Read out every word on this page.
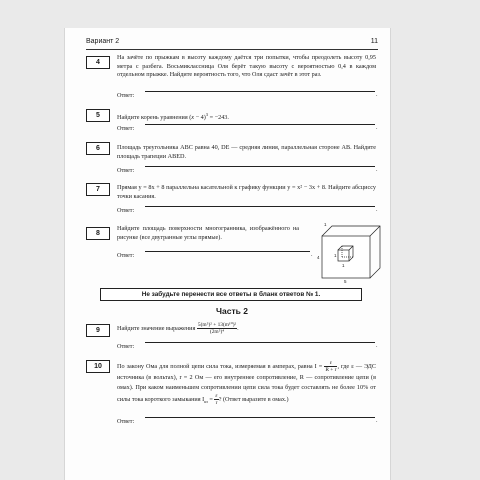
Вариант 2	11
4
На зачёте по прыжкам в высоту каждому даётся три попытки, чтобы преодолеть высоту 0,95 метра с разбега. Восьмиклассница Оля берёт такую высоту с вероятностью 0,4 в каждом отдельном прыжке. Найдите вероятность того, что Оля сдаст зачёт в этот раз.
Ответ:	.
5	Найдите корень уравнения $(x - 4)^3 = -243$.
Ответ:	.
6	Площадь треугольника ABC равна 40, DE — средняя линия, параллельная стороне AB. Найдите площадь трапеции ABED.
Ответ:	.
7	Прямая y = 8x + 8 параллельна касательной к графику функции y = x² − 3x + 8. Найдите абсциссу точки касания.
Ответ:	.
8
Найдите площадь поверхности многогранника, изображённого на рисунке (все двугранные углы прямые).
Ответ:	.
1
4	1
1
5
Не забудьте перенести все ответы в бланк ответов № 1.
Часть 2
9	Найдите значение выражения $\frac{\text{5(m⁵)² + 13(m¹⁰)²}}{\text{(2m⁵)⁴}}$ .
Ответ:	.
10	По закону Ома для полной цепи сила тока, измеряемая в амперах, равна $I = \frac{\varepsilon}{R + r}$ , где ε — ЭДС источника (в вольтах), r = 2 Ом — его внутреннее сопротивление, R — сопротивление цепи (в омах). При каком наименьшем сопротивлении цепи сила тока будет составлять не более 10% от силы тока короткого замыкания $I_{кз} = \frac{\varepsilon}{r}$ ? (Ответ выразите в омах.)
Ответ:	.
